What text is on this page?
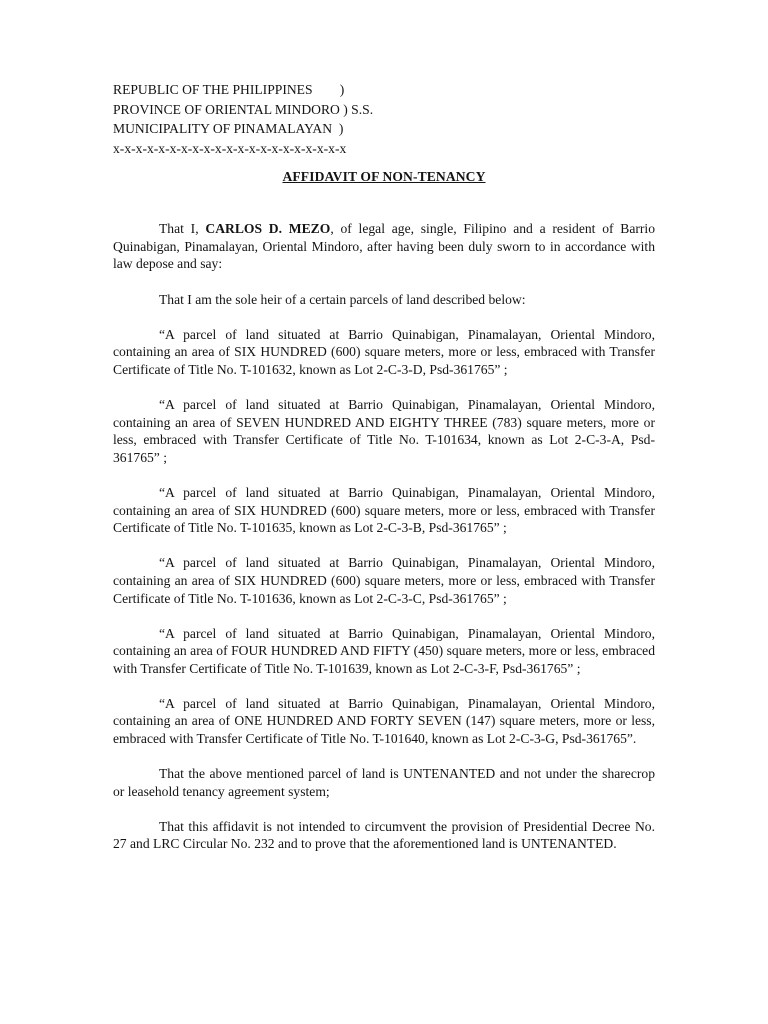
REPUBLIC OF THE PHILIPPINES        )
PROVINCE OF ORIENTAL MINDORO ) S.S.
MUNICIPALITY OF PINAMALAYAN  )
x-x-x-x-x-x-x-x-x-x-x-x-x-x-x-x-x-x-x-x-x
AFFIDAVIT OF NON-TENANCY

That I, CARLOS D. MEZO, of legal age, single, Filipino and a resident of Barrio Quinabigan, Pinamalayan, Oriental Mindoro, after having been duly sworn to in accordance with law depose and say:

That I am the sole heir of a certain parcels of land described below:

“A parcel of land situated at Barrio Quinabigan, Pinamalayan, Oriental Mindoro, containing an area of SIX HUNDRED (600) square meters, more or less, embraced with Transfer Certificate of Title No. T-101632, known as Lot 2-C-3-D, Psd-361765” ;

“A parcel of land situated at Barrio Quinabigan, Pinamalayan, Oriental Mindoro, containing an area of SEVEN HUNDRED AND EIGHTY THREE (783) square meters, more or less, embraced with Transfer Certificate of Title No. T-101634, known as Lot 2-C-3-A, Psd-361765” ;

“A parcel of land situated at Barrio Quinabigan, Pinamalayan, Oriental Mindoro, containing an area of SIX HUNDRED (600) square meters, more or less, embraced with Transfer Certificate of Title No. T-101635, known as Lot 2-C-3-B, Psd-361765” ;

“A parcel of land situated at Barrio Quinabigan, Pinamalayan, Oriental Mindoro, containing an area of SIX HUNDRED (600) square meters, more or less, embraced with Transfer Certificate of Title No. T-101636, known as Lot 2-C-3-C, Psd-361765” ;

“A parcel of land situated at Barrio Quinabigan, Pinamalayan, Oriental Mindoro, containing an area of FOUR HUNDRED AND FIFTY (450) square meters, more or less, embraced with Transfer Certificate of Title No. T-101639, known as Lot 2-C-3-F, Psd-361765” ;

“A parcel of land situated at Barrio Quinabigan, Pinamalayan, Oriental Mindoro, containing an area of ONE HUNDRED AND FORTY SEVEN (147) square meters, more or less, embraced with Transfer Certificate of Title No. T-101640, known as Lot 2-C-3-G, Psd-361765”.

That the above mentioned parcel of land is UNTENANTED and not under the sharecrop or leasehold tenancy agreement system;

That this affidavit is not intended to circumvent the provision of Presidential Decree No. 27 and LRC Circular No. 232 and to prove that the aforementioned land is UNTENANTED.
